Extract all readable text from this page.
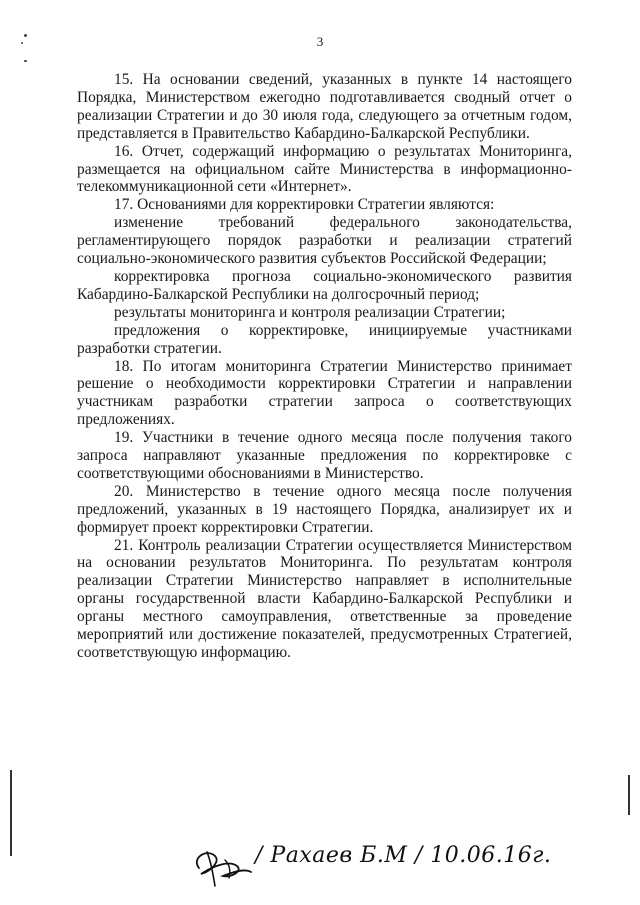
3

15. На основании сведений, указанных в пункте 14 настоящего Порядка, Министерством ежегодно подготавливается сводный отчет о реализации Стратегии и до 30 июля года, следующего за отчетным годом, представляется в Правительство Кабардино-Балкарской Республики.

16. Отчет, содержащий информацию о результатах Мониторинга, размещается на официальном сайте Министерства в информационно-телекоммуникационной сети «Интернет».

17. Основаниями для корректировки Стратегии являются:

изменение требований федерального законодательства, регламентирующего порядок разработки и реализации стратегий социально-экономического развития субъектов Российской Федерации;

корректировка прогноза социально-экономического развития Кабардино-Балкарской Республики на долгосрочный период;

результаты мониторинга и контроля реализации Стратегии;

предложения о корректировке, инициируемые участниками разработки стратегии.

18. По итогам мониторинга Стратегии Министерство принимает решение о необходимости корректировки Стратегии и направлении участникам разработки стратегии запроса о соответствующих предложениях.

19. Участники в течение одного месяца после получения такого запроса направляют указанные предложения по корректировке с соответствующими обоснованиями в Министерство.

20. Министерство в течение одного месяца после получения предложений, указанных в 19 настоящего Порядка, анализирует их и формирует проект корректировки Стратегии.

21. Контроль реализации Стратегии осуществляется Министерством на основании результатов Мониторинга. По результатам контроля реализации Стратегии Министерство направляет в исполнительные органы государственной власти Кабардино-Балкарской Республики и органы местного самоуправления, ответственные за проведение мероприятий или достижение показателей, предусмотренных Стратегией, соответствующую информацию.

/ Рахаев Б.М / 10.06.16г.
